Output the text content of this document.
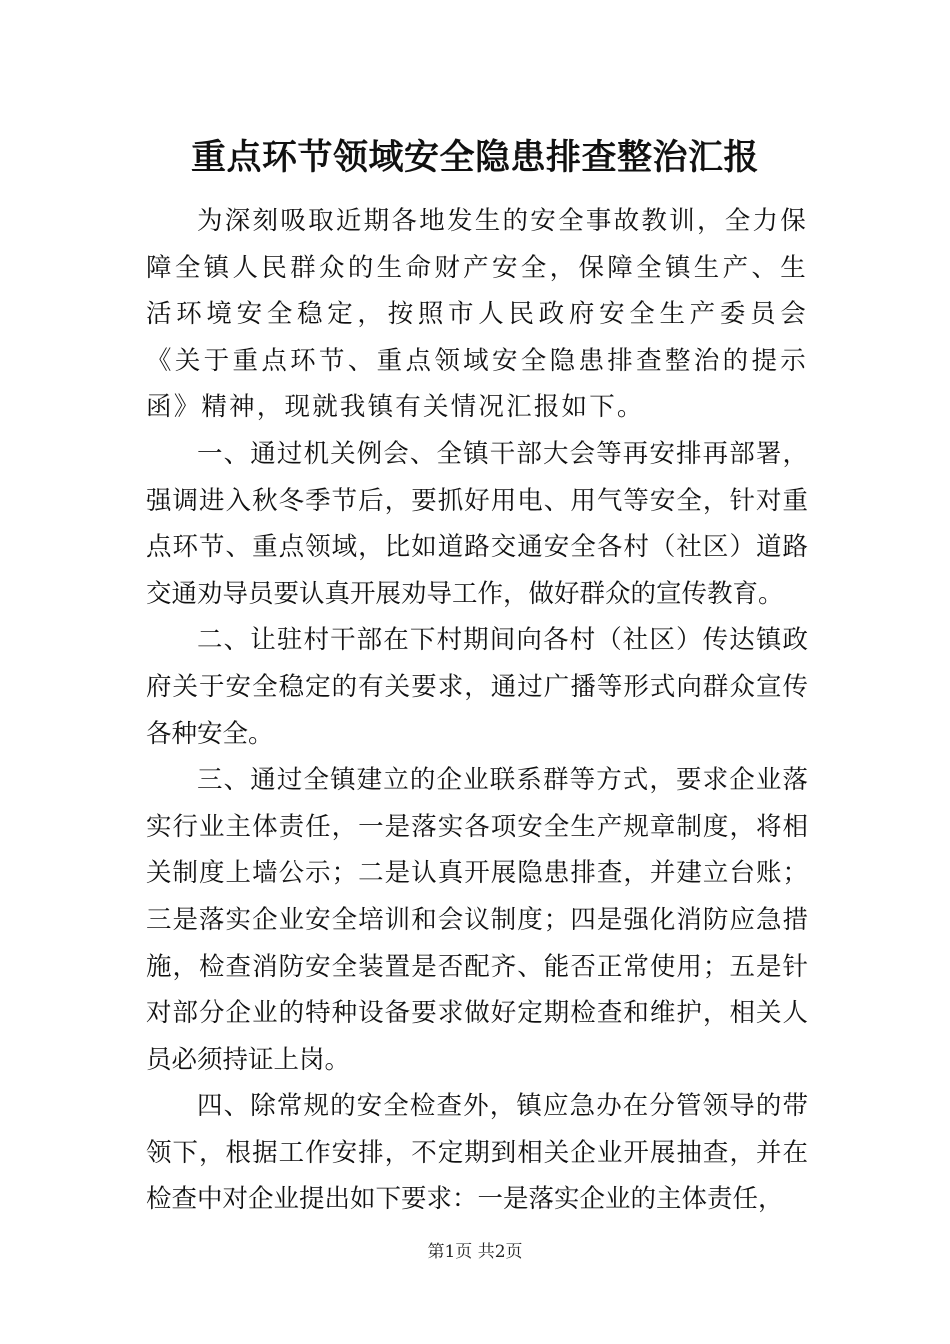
重点环节领域安全隐患排查整治汇报

为深刻吸取近期各地发生的安全事故教训，全力保障全镇人民群众的生命财产安全，保障全镇生产、生活环境安全稳定，按照市人民政府安全生产委员会《关于重点环节、重点领域安全隐患排查整治的提示函》精神，现就我镇有关情况汇报如下。

一、通过机关例会、全镇干部大会等再安排再部署，强调进入秋冬季节后，要抓好用电、用气等安全，针对重点环节、重点领域，比如道路交通安全各村（社区）道路交通劝导员要认真开展劝导工作，做好群众的宣传教育。

二、让驻村干部在下村期间向各村（社区）传达镇政府关于安全稳定的有关要求，通过广播等形式向群众宣传各种安全。

三、通过全镇建立的企业联系群等方式，要求企业落实行业主体责任，一是落实各项安全生产规章制度，将相关制度上墙公示；二是认真开展隐患排查，并建立台账；三是落实企业安全培训和会议制度；四是强化消防应急措施，检查消防安全装置是否配齐、能否正常使用；五是针对部分企业的特种设备要求做好定期检查和维护，相关人员必须持证上岗。

四、除常规的安全检查外，镇应急办在分管领导的带领下，根据工作安排，不定期到相关企业开展抽查，并在检查中对企业提出如下要求：一是落实企业的主体责任，

第1页 共2页
